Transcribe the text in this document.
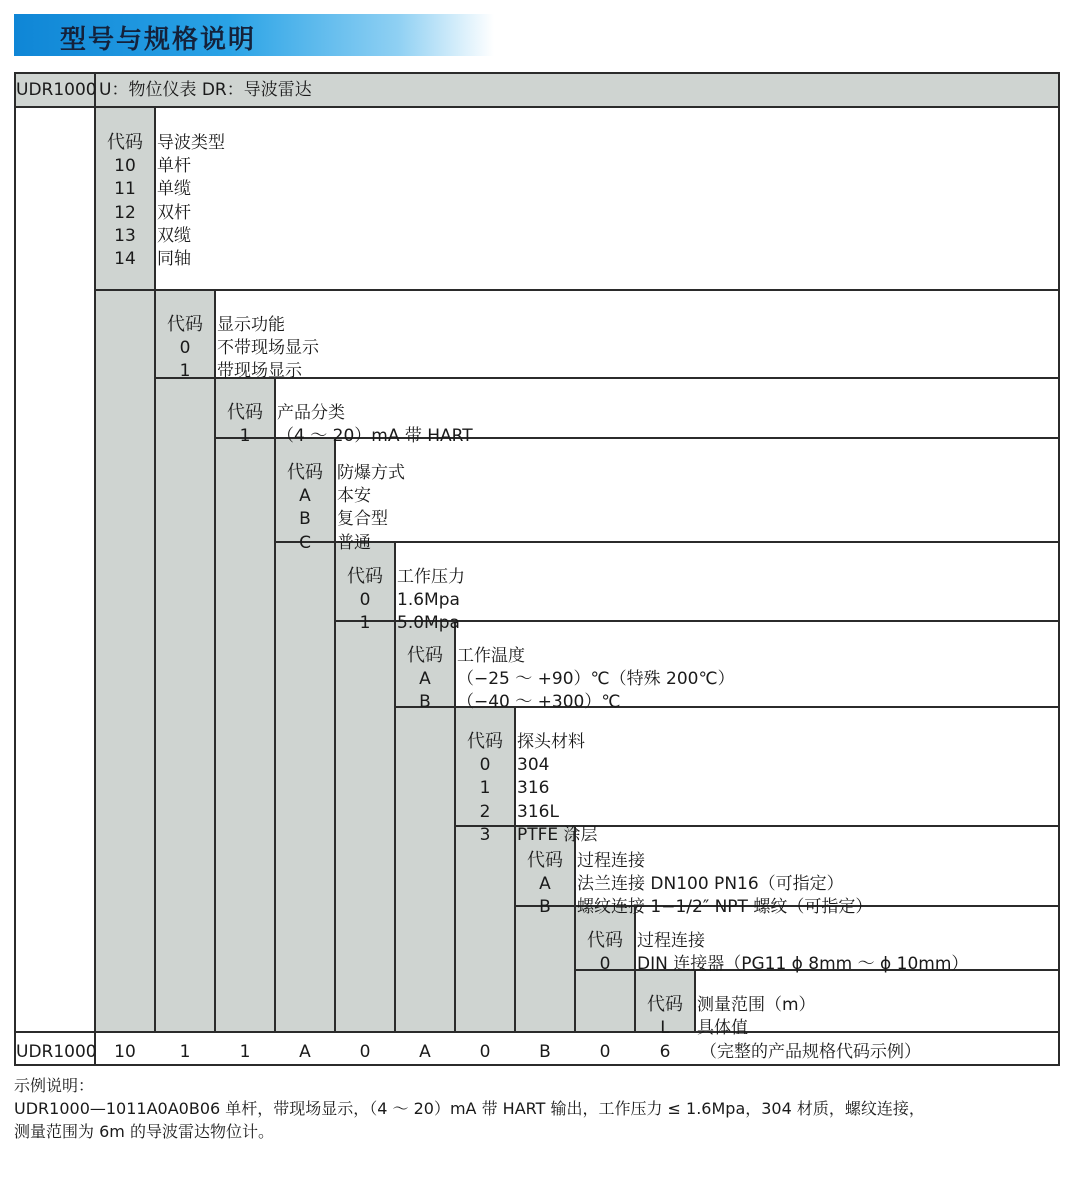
型号与规格说明
UDR1000 U：物位仪表 DR：导波雷达
代码 导波类型
10	单杆
11	单缆
12	双杆
13	双缆
14	同轴
代码 显示功能
0	不带现场显示
1	带现场显示
代码 产品分类
1	（4 ～ 20）mA 带 HART
代码 防爆方式
A	本安
B	复合型
C	普通
代码 工作压力
0	1.6Mpa
1	5.0Mpa
代码 工作温度
A	（−25 ～ +90）℃（特殊 200℃）
B	（−40 ～ +300）℃
代码 探头材料
0	304
1	316
2	316L
3	PTFE 涂层
代码 过程连接
A	法兰连接 DN100 PN16（可指定）
B	螺纹连接 1−1/2″ NPT 螺纹（可指定）
代码 过程连接
0	DIN 连接器（PG11 ϕ 8mm ～ ϕ 10mm）
代码 测量范围（m）
L	具体值
UDR1000	10	1	1	A	0	A	0	B	0	6	（完整的产品规格代码示例）
示例说明：
UDR1000—1011A0A0B06 单杆，带现场显示，（4 ～ 20）mA 带 HART 输出，工作压力 ≤ 1.6Mpa，304 材质，螺纹连接，
测量范围为 6m 的导波雷达物位计。
